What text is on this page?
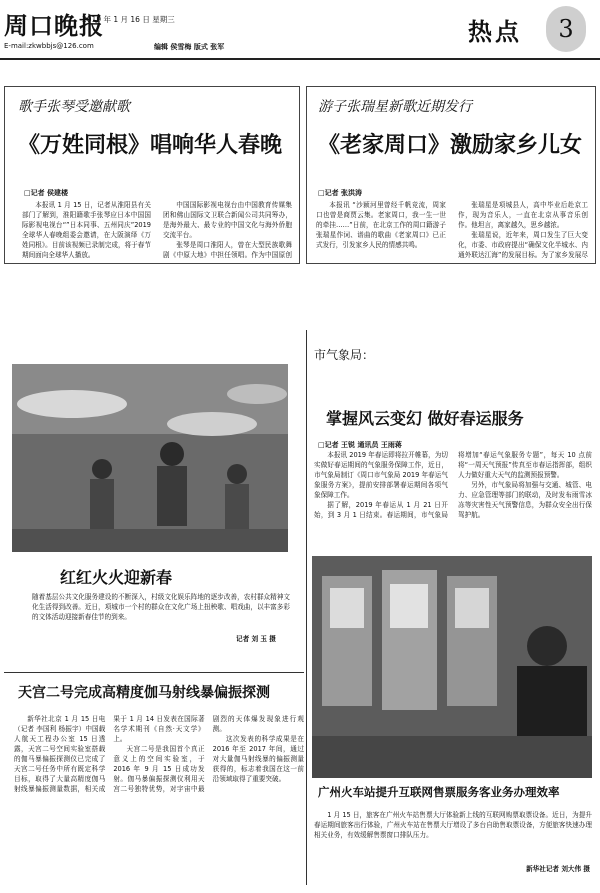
周口晚报
E-mail:zkwbbjs@126.com
2019 年 1 月 16 日 星期三
编辑 侯雪梅 版式 张军
热点	3
歌手张琴受邀献歌
《万姓同根》唱响华人春晚
□记者 侯建楼

本报讯 1 月 15 日，记者从淮阳县有关部门了解到，淮阳籍歌手张琴应日本中国国际影视电视台“”日本同事、五州同庆”2019 全球华人春晚组委会邀请，在大阪演绎《万姓同根》。目前该视频已录制完成，将于春节期间面向全球华人播放。

中国国际影视电视台由中国教育传媒集团和佛山国际文卫联合新闻公司共同筹办，是海外最大、最专业的中国文化与海外侨胞交流平台。

张琴是周口淮阳人，曾在大型民族歌舞剧《中原大地》中担任领唱。作为中国原创

游子张瑞星新歌近期发行
《老家周口》激励家乡儿女
□记者 张洪涛

本报讯 “沙颍河里曾经千帆竞流，周家口也曾是商贾云集。老家周口，我一生一世的牵挂……”日前，在北京工作的周口籍游子张瑞星作词、谱曲的歌曲《老家周口》已正式发行，引发家乡人民的情感共鸣。

张瑞星是项城县人，高中毕业后赴京工作，现为音乐人，一直在北京从事音乐创作。他坦言，离家越久，思乡越浓。

张瑞星说，近年来，周口发生了巨大变化，市委、市政府提出“确保文化半城水、内通外联达江海”的发展目标。为了家乡发展尽

红红火火迎新春
随着基层公共文化服务建设的不断深入，村级文化娱乐阵地的逐步改善，农村群众精神文化生活得到改善。近日，项城市一个村的群众在文化广场上扭秧歌、唱戏曲，以丰富多彩的文体活动迎接新春佳节的到来。
记者 刘 玉 摄
市气象局：
掌握风云变幻 做好春运服务
□记者 王锐 通讯员 王雨蒋

本报讯 2019 年春运即将拉开帷幕，为切实做好春运期间的气象服务保障工作，近日，市气象局制订《周口市气象局 2019 年春运气象服务方案》，提前安排部署春运期间各项气象保障工作。

据了解，2019 年春运从 1 月 21 日开始，到 3 月 1 日结束。春运期间，市气象局将增加“春运气象服务专题”，每天 10 点前将“一周天气预报”传真至市春运指挥部，组织人力做好重大天气的监测预报预警。

另外，市气象局将加强与交通、城管、电力、应急管理等部门的联动，及时发布雨雪冰冻等灾害性天气预警信息，为群众安全出行保驾护航。

广州火车站提升互联网售票服务客业务办理效率

1 月 15 日，旅客在广州火车站售票大厅体验新上线的互联网购票取票设备。近日，为提升春运期间旅客出行体验，广州火车站在售票大厅增设了多台自助售取票设备，方便旅客快速办理相关业务，有效缓解售票窗口排队压力。

新华社记者 刘大伟 摄
天宫二号完成高精度伽马射线暴偏振探测

新华社北京 1 月 15 日电（记者 李国利 杨振宇）中国载人航天工程办公室 15 日透露，天宫二号空间实验室搭载的伽马暴偏振探测仪已完成了天宫二号任务中所有既定科学目标，取得了大量高精度伽马射线暴偏振测量数据，相关成果于 1 月 14 日发表在国际著名学术期刊《自然·天文学》上。

天宫二号是我国首个真正意义上的空间实验室，于 2016 年 9 月 15 日成功发射。伽马暴偏振探测仪利用天宫二号独特优势，对宇宙中最剧烈的天体爆发现象进行观测。

这次发表的科学成果是在 2016 年至 2017 年间，通过对大量伽马射线暴的偏振测量获得的，标志着我国在这一前沿领域取得了重要突破。
